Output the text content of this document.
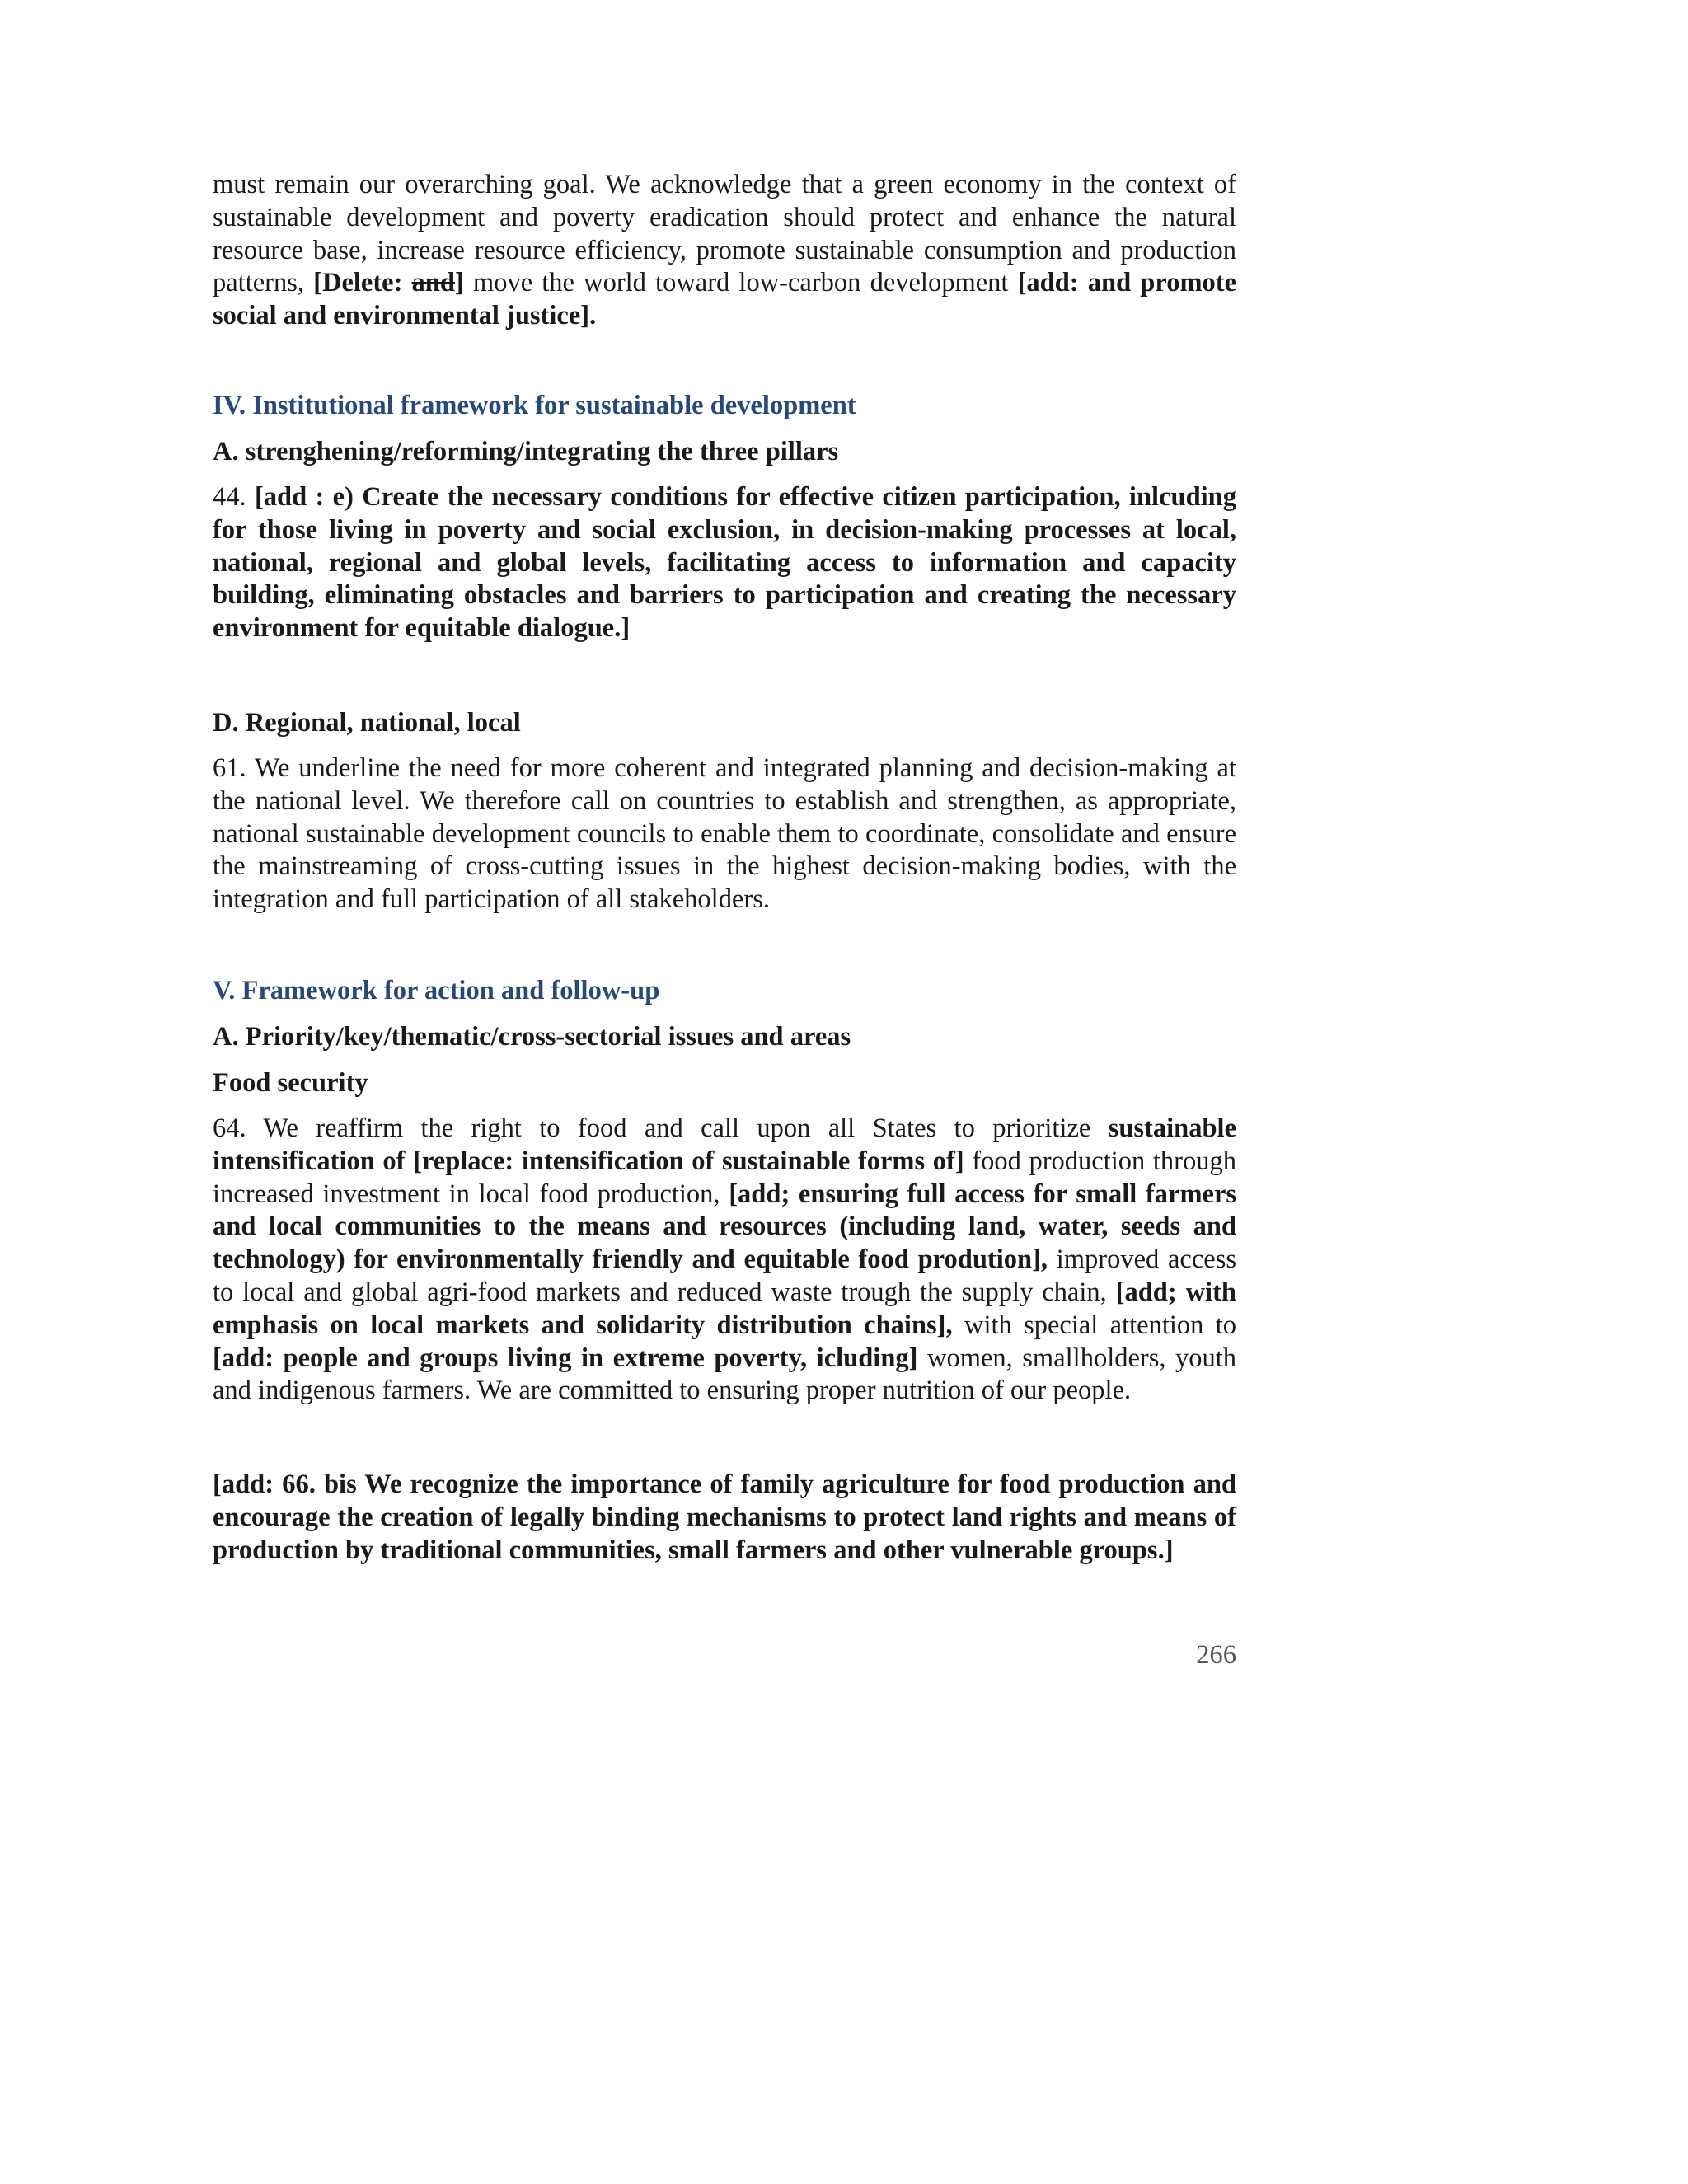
must remain our overarching goal. We acknowledge that a green economy in the context of sustainable development and poverty eradication should protect and enhance the natural resource base, increase resource efficiency, promote sustainable consumption and production patterns, [Delete: and] move the world toward low-carbon development [add: and promote social and environmental justice].

IV. Institutional framework for sustainable development
A. strenghening/reforming/integrating the three pillars

44. [add : e) Create the necessary conditions for effective citizen participation, inlcuding for those living in poverty and social exclusion, in decision-making processes at local, national, regional and global levels, facilitating access to information and capacity building, eliminating obstacles and barriers to participation and creating the necessary environment for equitable dialogue.]

D. Regional, national, local

61. We underline the need for more coherent and integrated planning and decision-making at the national level. We therefore call on countries to establish and strengthen, as appropriate, national sustainable development councils to enable them to coordinate, consolidate and ensure the mainstreaming of cross-cutting issues in the highest decision-making bodies, with the integration and full participation of all stakeholders.

V. Framework for action and follow-up
A. Priority/key/thematic/cross-sectorial issues and areas
Food security

64. We reaffirm the right to food and call upon all States to prioritize sustainable intensification of [replace: intensification of sustainable forms of] food production through increased investment in local food production, [add; ensuring full access for small farmers and local communities to the means and resources (including land, water, seeds and technology) for environmentally friendly and equitable food prodution], improved access to local and global agri-food markets and reduced waste trough the supply chain, [add; with emphasis on local markets and solidarity distribution chains], with special attention to [add: people and groups living in extreme poverty, icluding] women, smallholders, youth and indigenous farmers. We are committed to ensuring proper nutrition of our people.

[add: 66. bis We recognize the importance of family agriculture for food production and encourage the creation of legally binding mechanisms to protect land rights and means of production by traditional communities, small farmers and other vulnerable groups.]

266
